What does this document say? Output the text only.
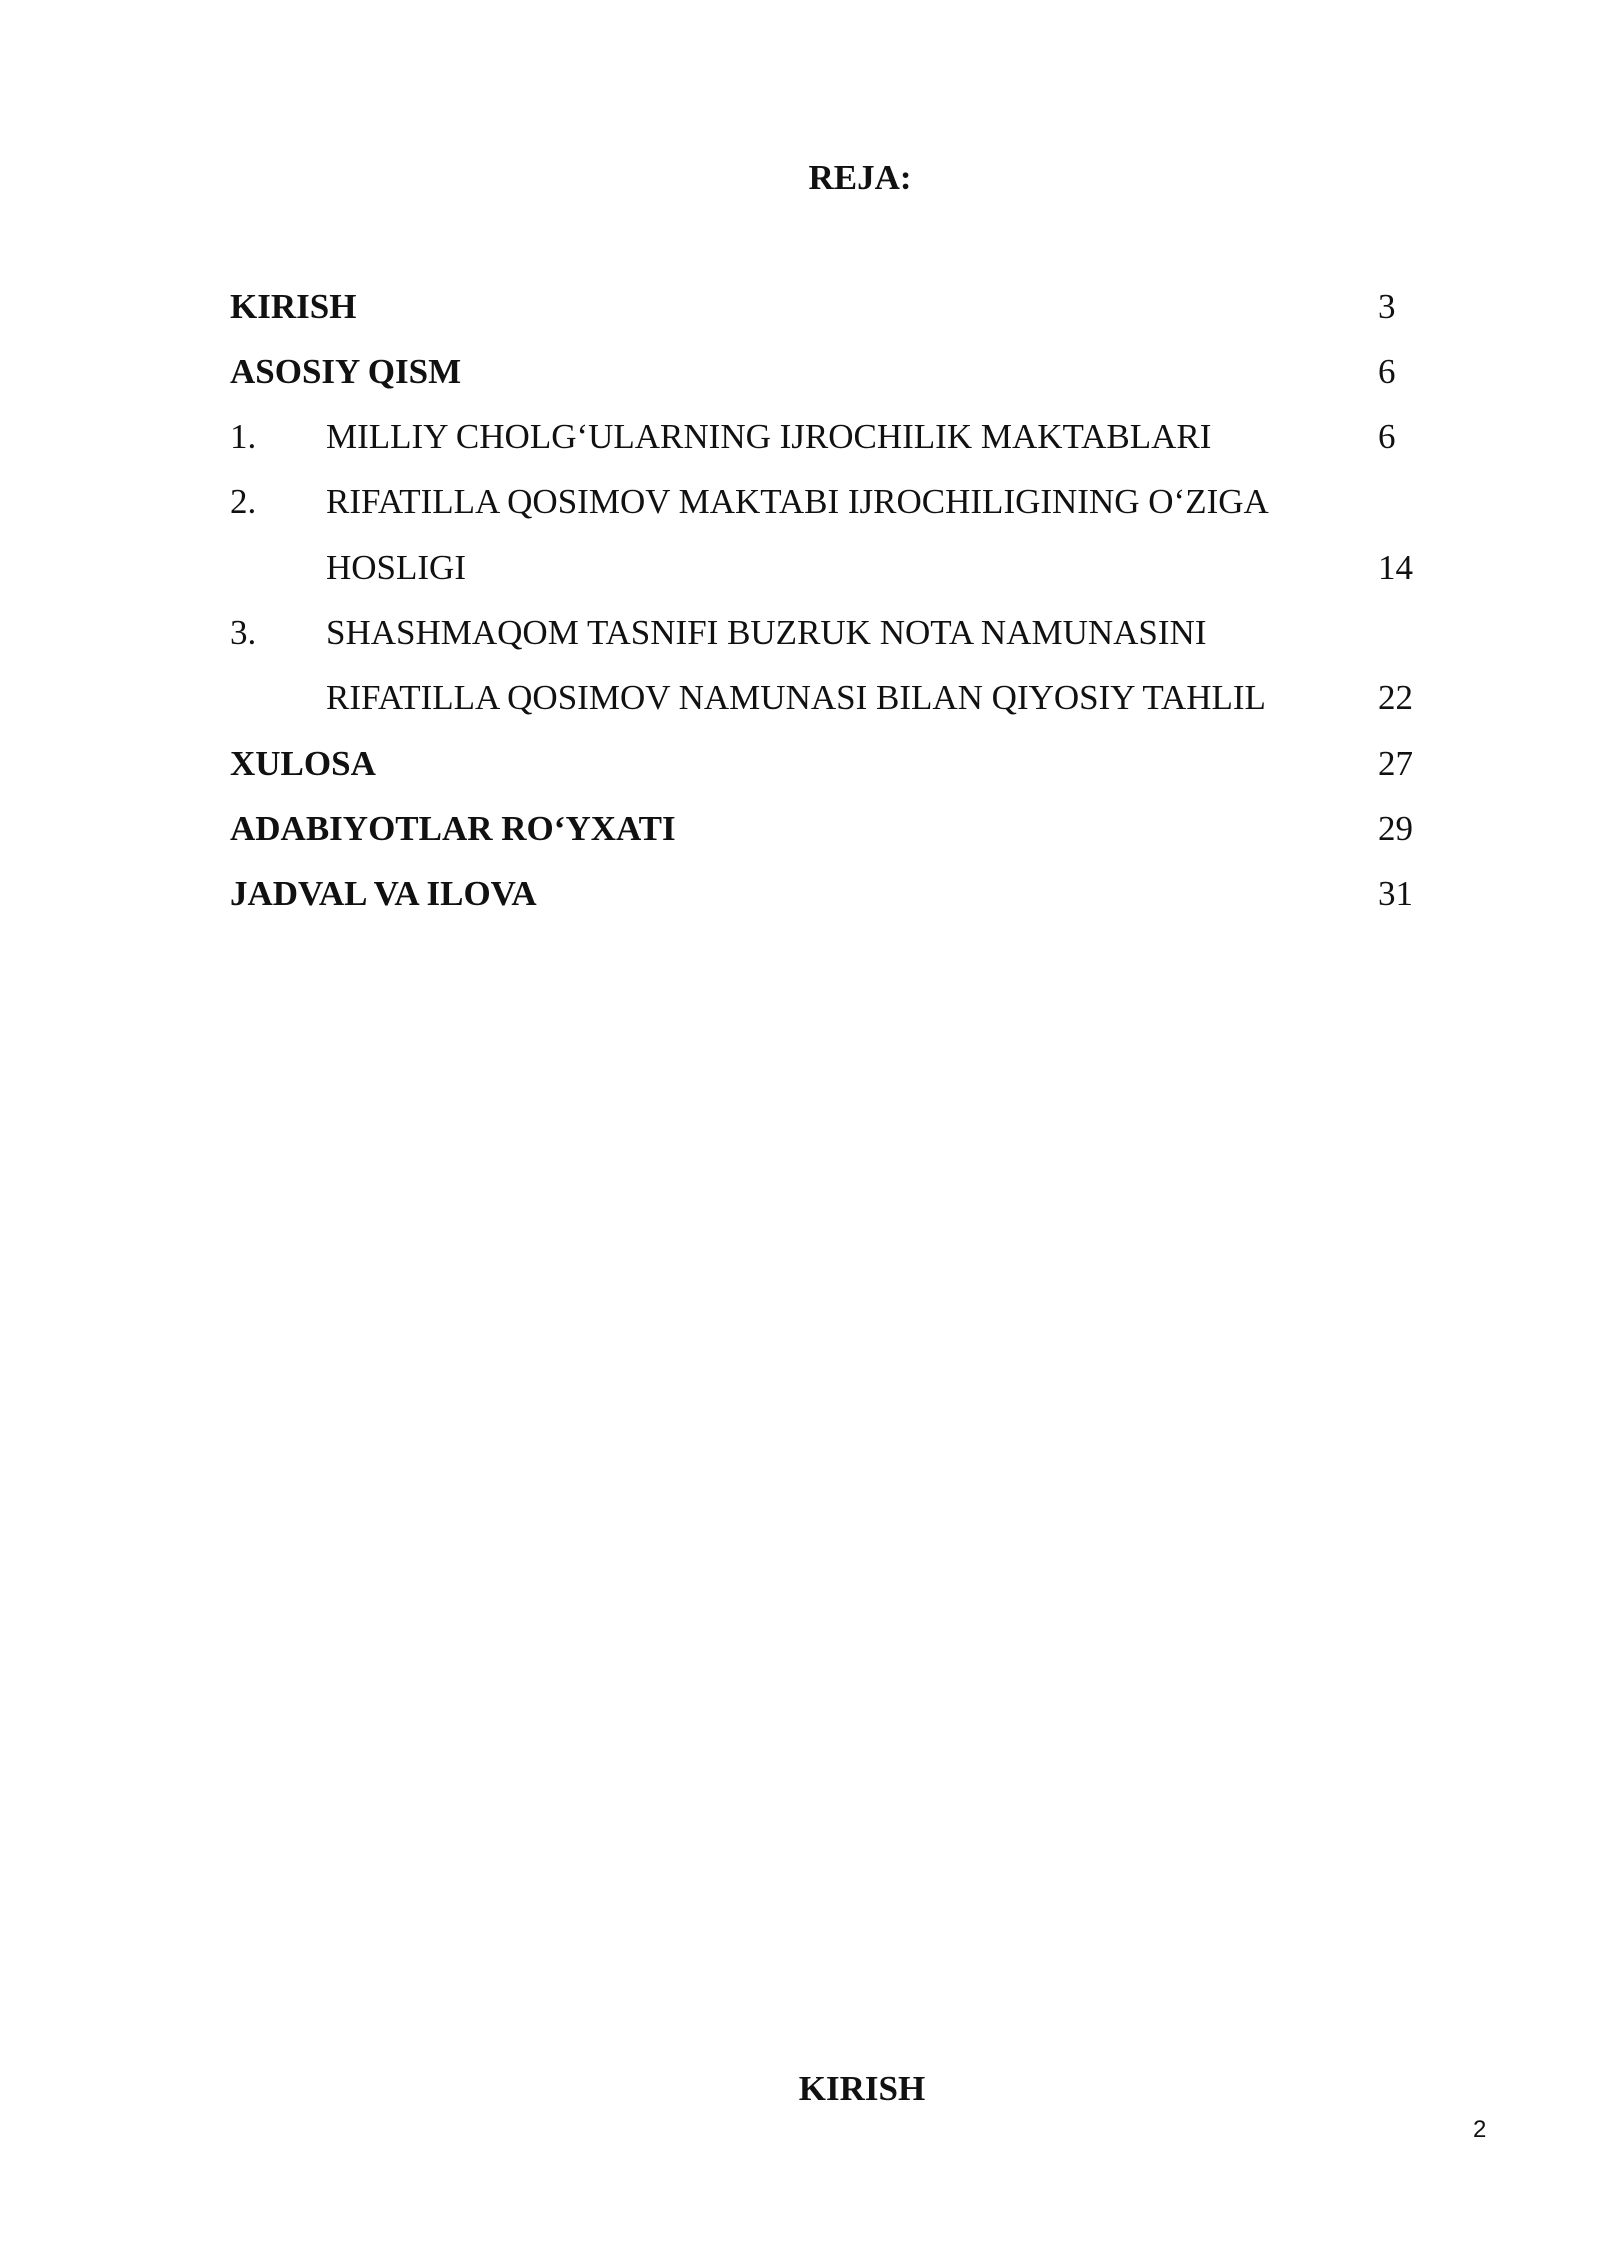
REJA:
KIRISH	3
ASOSIY QISM	6
1. MILLIY CHOLG‘ULARNING IJROCHILIK MAKTABLARI	6
2. RIFATILLA QOSIMOV MAKTABI IJROCHILIGINING O‘ZIGA
HOSLIGI	14
3. SHASHMAQOM TASNIFI BUZRUK NOTA NAMUNASINI
RIFATILLA QOSIMOV NAMUNASI BILAN QIYOSIY TAHLIL	22
XULOSA	27
ADABIYOTLAR RO‘YXATI	29
JADVAL VA ILOVA	31
KIRISH
2
